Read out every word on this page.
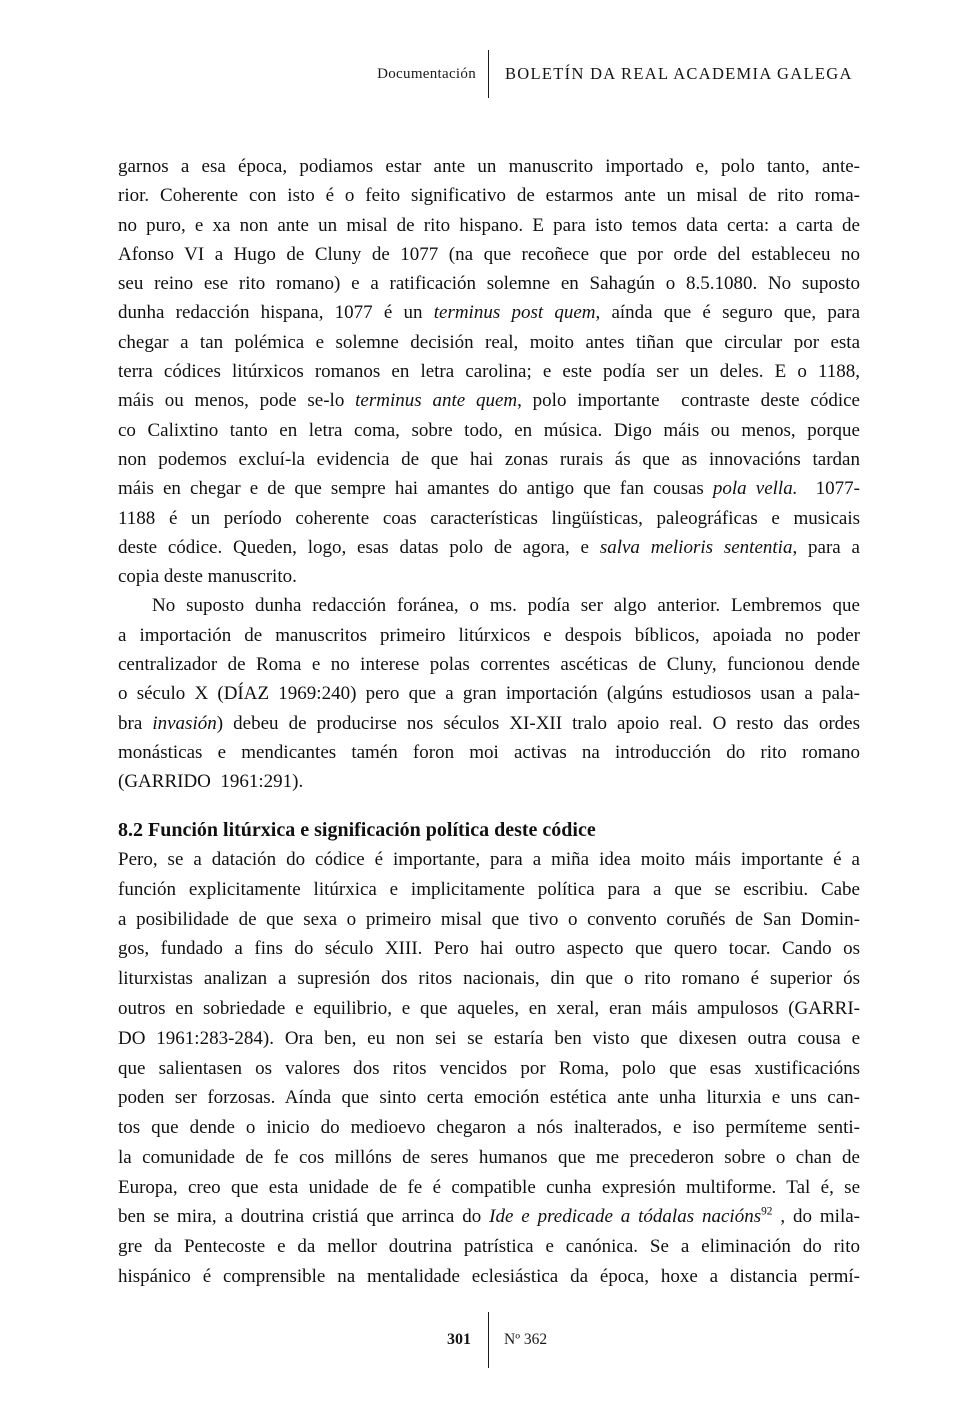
Documentación	BOLETÍN DA REAL ACADEMIA GALEGA
garnos a esa época, podiamos estar ante un manuscrito importado e, polo tanto, ante-
rior. Coherente con isto é o feito significativo de estarmos ante un misal de rito roma-
no puro, e xa non ante un misal de rito hispano. E para isto temos data certa: a carta de
Afonso VI a Hugo de Cluny de 1077 (na que recoñece que por orde del estableceu no
seu reino ese rito romano) e a ratificación solemne en Sahagún o 8.5.1080. No suposto
dunha redacción hispana, 1077 é un terminus post quem, aínda que é seguro que, para
chegar a tan polémica e solemne decisión real, moito antes tiñan que circular por esta
terra códices litúrxicos romanos en letra carolina; e este podía ser un deles. E o 1188,
máis ou menos, pode se-lo terminus ante quem, polo importante  contraste deste códice
co Calixtino tanto en letra coma, sobre todo, en música. Digo máis ou menos, porque
non podemos excluí-la evidencia de que hai zonas rurais ás que as innovacións tardan
máis en chegar e de que sempre hai amantes do antigo que fan cousas pola vella.  1077-
1188 é un período coherente coas características lingüísticas, paleográficas e musicais
deste códice. Queden, logo, esas datas polo de agora, e salva melioris sententia, para a
copia deste manuscrito.
No suposto dunha redacción foránea, o ms. podía ser algo anterior. Lembremos que
a importación de manuscritos primeiro litúrxicos e despois bíblicos, apoiada no poder
centralizador de Roma e no interese polas correntes ascéticas de Cluny, funcionou dende
o século X (DÍAZ 1969:240) pero que a gran importación (algúns estudiosos usan a pala-
bra invasión) debeu de producirse nos séculos XI-XII tralo apoio real. O resto das ordes
monásticas e mendicantes tamén foron moi activas na introducción do rito romano
(GARRIDO  1961:291).
8.2 Función litúrxica e significación política deste códice
Pero, se a datación do códice é importante, para a miña idea moito máis importante é a
función explicitamente litúrxica e implicitamente política para a que se escribiu. Cabe
a posibilidade de que sexa o primeiro misal que tivo o convento coruñés de San Domin-
gos, fundado a fins do século XIII. Pero hai outro aspecto que quero tocar. Cando os
liturxistas analizan a supresión dos ritos nacionais, din que o rito romano é superior ós
outros en sobriedade e equilibrio, e que aqueles, en xeral, eran máis ampulosos (GARRI-
DO 1961:283-284). Ora ben, eu non sei se estaría ben visto que dixesen outra cousa e
que salientasen os valores dos ritos vencidos por Roma, polo que esas xustificacións
poden ser forzosas. Aínda que sinto certa emoción estética ante unha liturxia e uns can-
tos que dende o inicio do medioevo chegaron a nós inalterados, e iso permíteme senti-
la comunidade de fe cos millóns de seres humanos que me precederon sobre o chan de
Europa, creo que esta unidade de fe é compatible cunha expresión multiforme. Tal é, se
ben se mira, a doutrina cristiá que arrinca do Ide e predicade a tódalas nacións$^{92}$ , do mila-
gre da Pentecoste e da mellor doutrina patrística e canónica. Se a eliminación do rito
hispánico é comprensible na mentalidade eclesiástica da época, hoxe a distancia permí-
301	Nº 362
